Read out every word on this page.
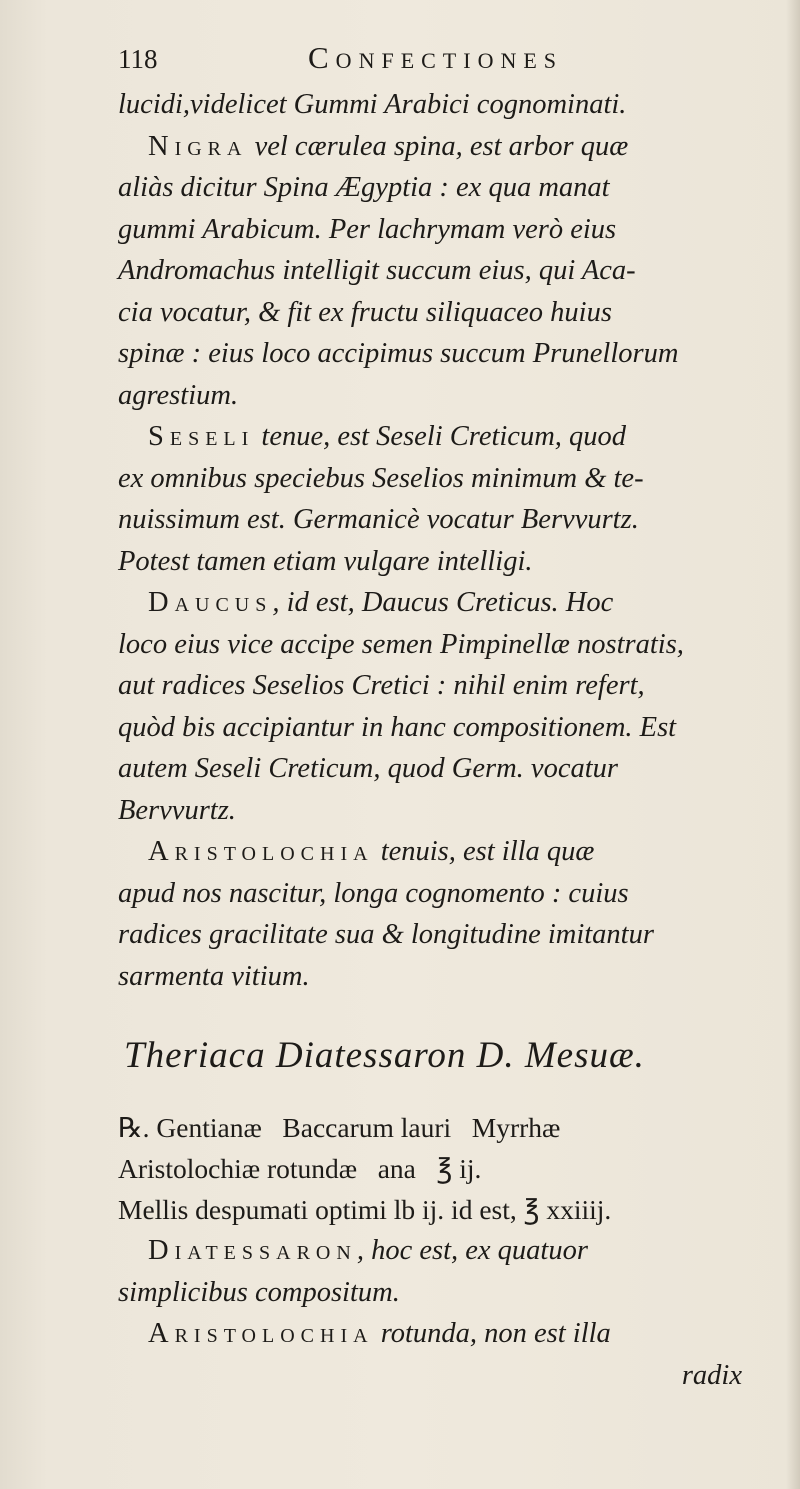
118	Confectiones

lucidi,videlicet Gummi Arabici cognominati.

Nigra vel cærulea spina, est arbor quæ
aliàs dicitur Spina Ægyptia : ex qua manat
gummi Arabicum. Per lachrymam verò eius
Andromachus intelligit succum eius, qui Aca-
cia vocatur, & fit ex fructu siliquaceo huius
spinæ : eius loco accipimus succum Prunellorum
agrestium.

Seseli tenue, est Seseli Creticum, quod
ex omnibus speciebus Seselios minimum & te-
nuissimum est. Germanicè vocatur Bervvurtz.
Potest tamen etiam vulgare intelligi.

Daucus, id est, Daucus Creticus. Hoc
loco eius vice accipe semen Pimpinellæ nostratis,
aut radices Seselios Cretici : nihil enim refert,
quòd bis accipiantur in hanc compositionem. Est
autem Seseli Creticum, quod Germ. vocatur
Bervvurtz.

Aristolochia tenuis, est illa quæ
apud nos nascitur, longa cognomento : cuius
radices gracilitate sua & longitudine imitantur
sarmenta vitium.

Theriaca Diatessaron D. Mesuæ.

℞. Gentianæ   Baccarum lauri   Myrrhæ
Aristolochiæ rotundæ   ana   ℥ ij.
Mellis despumati optimi lb ij. id est, ℥ xxiiij.

Diatessaron, hoc est, ex quatuor
simplicibus compositum.

Aristolochia rotunda, non est illa
radix
